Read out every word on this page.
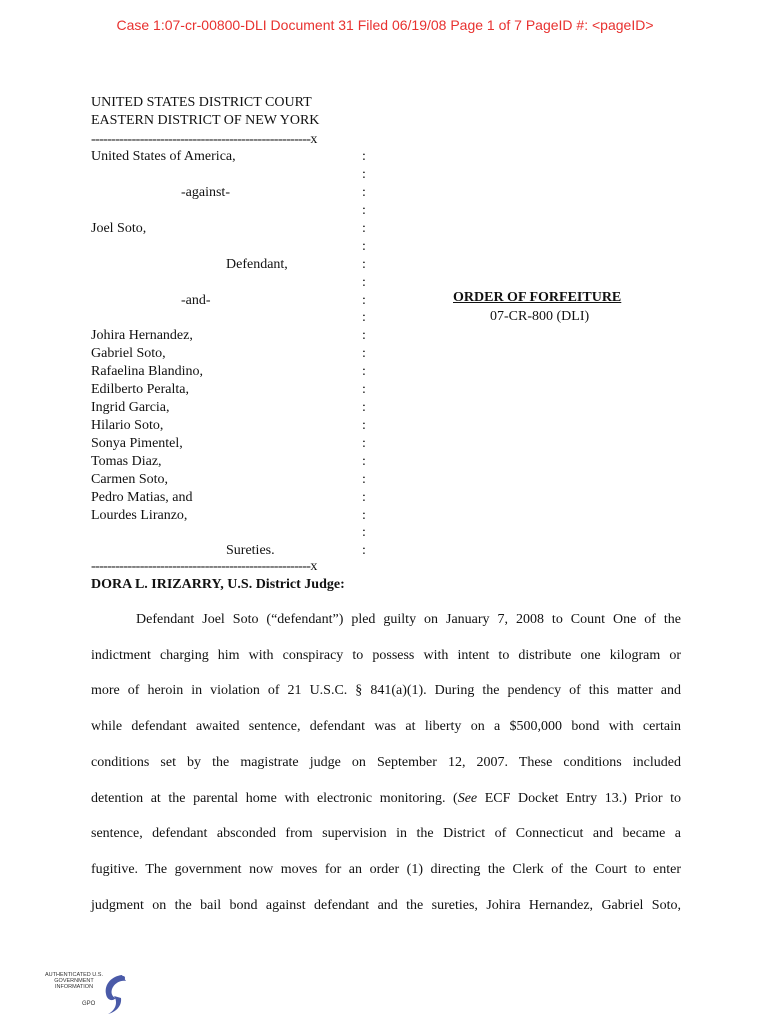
Case 1:07-cr-00800-DLI Document 31 Filed 06/19/08 Page 1 of 7 PageID #: <pageID>
UNITED STATES DISTRICT COURT
EASTERN DISTRICT OF NEW YORK
------------------------------------------------------x
United States of America,
-against-
Joel Soto,
Defendant,
-and-
Johira Hernandez,
Gabriel Soto,
Rafaelina Blandino,
Edilberto Peralta,
Ingrid Garcia,
Hilario Soto,
Sonya Pimentel,
Tomas Diaz,
Carmen Soto,
Pedro Matias, and
Lourdes Liranzo,
Sureties.
------------------------------------------------------x
:
:
:
:
:
:
:
:
:
:
:
:
:
:
:
:
:
:
:
:
:
:
:
ORDER OF FORFEITURE
07-CR-800 (DLI)
DORA L. IRIZARRY, U.S. District Judge:
Defendant Joel Soto (“defendant”) pled guilty on January 7, 2008 to Count One of the
indictment charging him with conspiracy to possess with intent to distribute one kilogram or
more of heroin in violation of 21 U.S.C. § 841(a)(1). During the pendency of this matter and
while defendant awaited sentence, defendant was at liberty on a $500,000 bond with certain
conditions set by the magistrate judge on September 12, 2007. These conditions included
detention at the parental home with electronic monitoring. (See ECF Docket Entry 13.) Prior to
sentence, defendant absconded from supervision in the District of Connecticut and became a
fugitive. The government now moves for an order (1) directing the Clerk of the Court to enter
judgment on the bail bond against defendant and the sureties, Johira Hernandez, Gabriel Soto,
AUTHENTICATED U.S. GOVERNMENT INFORMATION
GPO
